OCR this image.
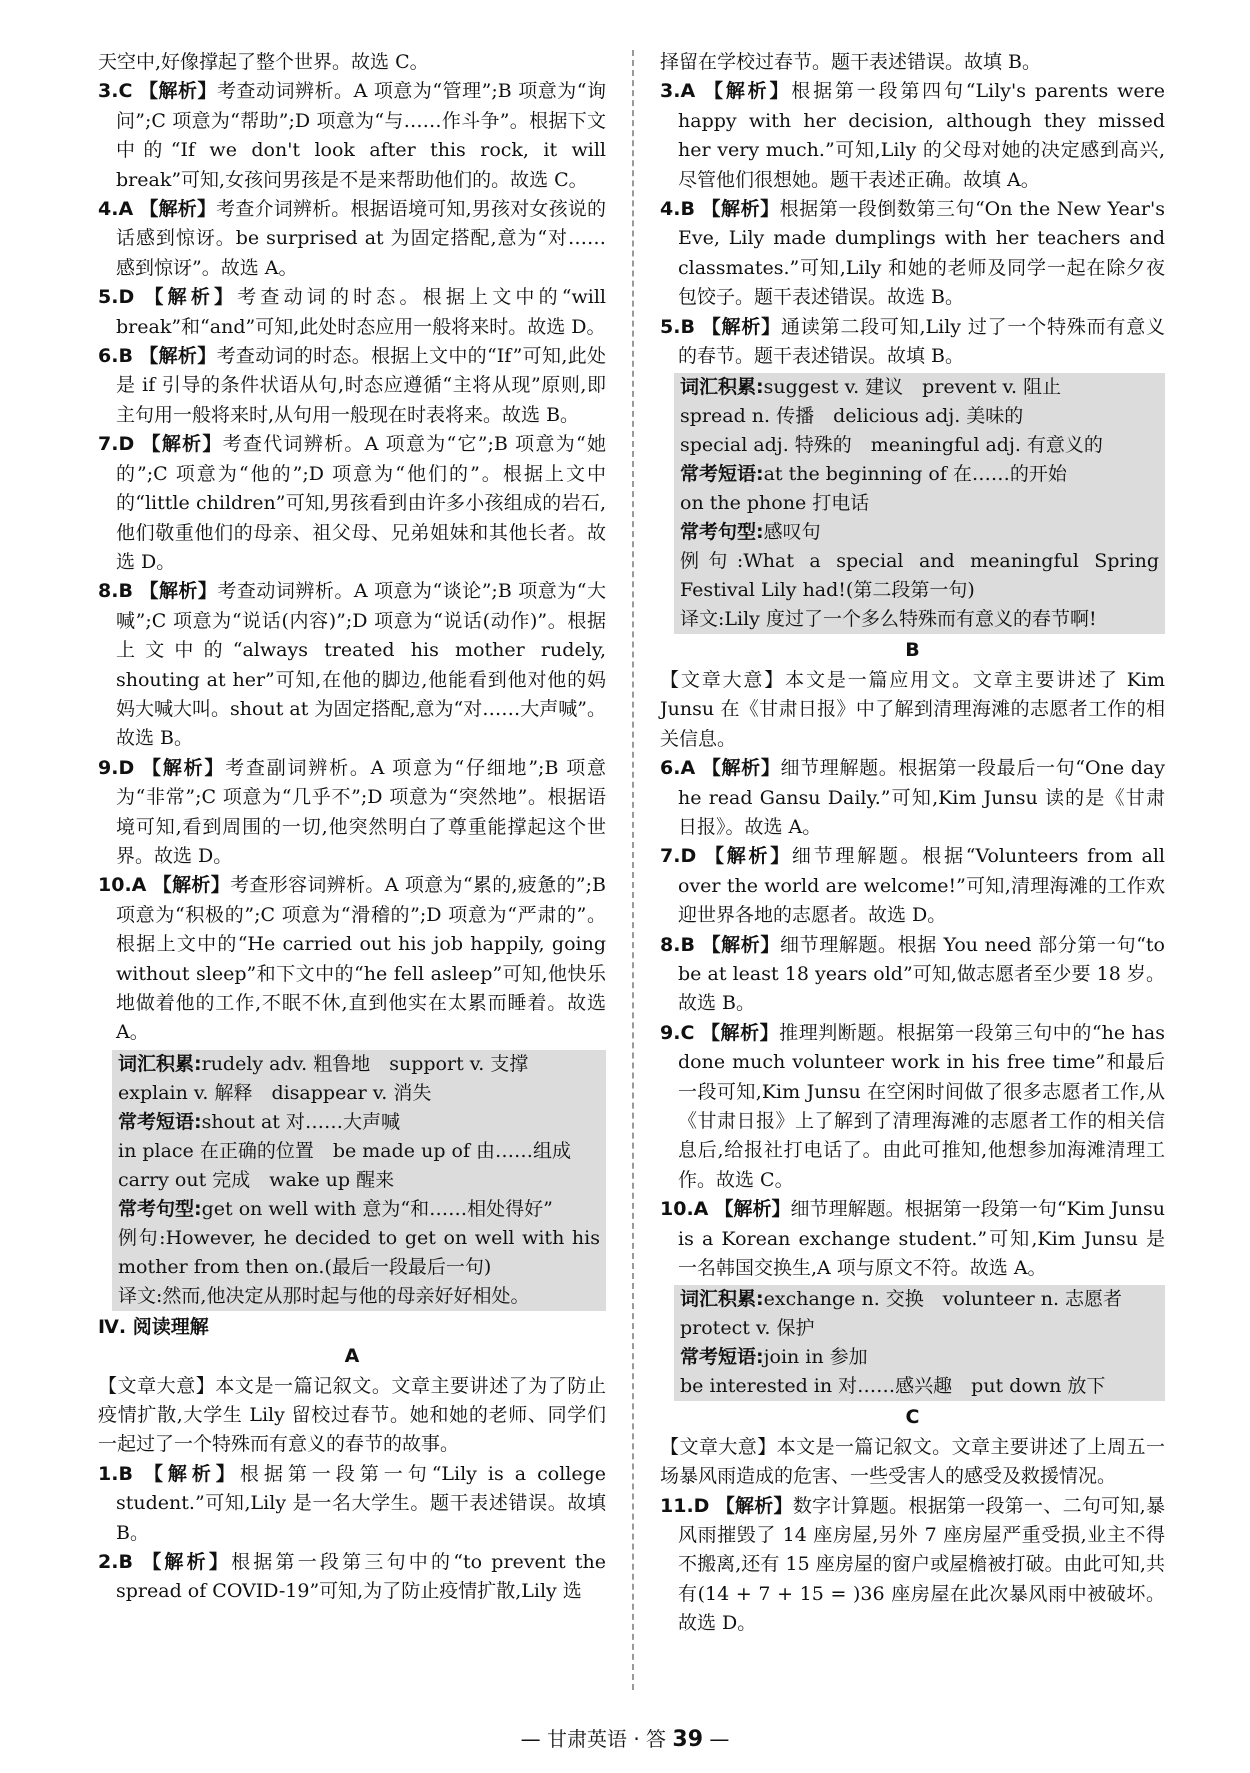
天空中,好像撑起了整个世界。故选 C。

3.C 【解析】考查动词辨析。A 项意为“管理”;B 项意为“询问”;C 项意为“帮助”;D 项意为“与……作斗争”。根据下文中的“If we don't look after this rock, it will break”可知,女孩问男孩是不是来帮助他们的。故选 C。

4.A 【解析】考查介词辨析。根据语境可知,男孩对女孩说的话感到惊讶。be surprised at 为固定搭配,意为“对……感到惊讶”。故选 A。

5.D 【解析】考查动词的时态。根据上文中的“will break”和“and”可知,此处时态应用一般将来时。故选 D。

6.B 【解析】考查动词的时态。根据上文中的“If”可知,此处是 if 引导的条件状语从句,时态应遵循“主将从现”原则,即主句用一般将来时,从句用一般现在时表将来。故选 B。

7.D 【解析】考查代词辨析。A 项意为“它”;B 项意为“她的”;C 项意为“他的”;D 项意为“他们的”。根据上文中的“little children”可知,男孩看到由许多小孩组成的岩石,他们敬重他们的母亲、祖父母、兄弟姐妹和其他长者。故选 D。

8.B 【解析】考查动词辨析。A 项意为“谈论”;B 项意为“大喊”;C 项意为“说话(内容)”;D 项意为“说话(动作)”。根据上文中的“always treated his mother rudely, shouting at her”可知,在他的脚边,他能看到他对他的妈妈大喊大叫。shout at 为固定搭配,意为“对……大声喊”。故选 B。

9.D 【解析】考查副词辨析。A 项意为“仔细地”;B 项意为“非常”;C 项意为“几乎不”;D 项意为“突然地”。根据语境可知,看到周围的一切,他突然明白了尊重能撑起这个世界。故选 D。

10.A 【解析】考查形容词辨析。A 项意为“累的,疲惫的”;B 项意为“积极的”;C 项意为“滑稽的”;D 项意为“严肃的”。根据上文中的“He carried out his job happily, going without sleep”和下文中的“he fell asleep”可知,他快乐地做着他的工作,不眠不休,直到他实在太累而睡着。故选 A。

词汇积累:rudely adv. 粗鲁地　support v. 支撑

explain v. 解释　disappear v. 消失

常考短语:shout at 对……大声喊

in place 在正确的位置　be made up of 由……组成

carry out 完成　wake up 醒来

常考句型:get on well with 意为“和……相处得好”

例句:However, he decided to get on well with his mother from then on.(最后一段最后一句)

译文:然而,他决定从那时起与他的母亲好好相处。

Ⅳ. 阅读理解

A

【文章大意】本文是一篇记叙文。文章主要讲述了为了防止疫情扩散,大学生 Lily 留校过春节。她和她的老师、同学们一起过了一个特殊而有意义的春节的故事。

1.B 【解析】根据第一段第一句“Lily is a college student.”可知,Lily 是一名大学生。题干表述错误。故填 B。

2.B 【解析】根据第一段第三句中的“to prevent the spread of COVID-19”可知,为了防止疫情扩散,Lily 选

择留在学校过春节。题干表述错误。故填 B。

3.A 【解析】根据第一段第四句“Lily's parents were happy with her decision, although they missed her very much.”可知,Lily 的父母对她的决定感到高兴,尽管他们很想她。题干表述正确。故填 A。

4.B 【解析】根据第一段倒数第三句“On the New Year's Eve, Lily made dumplings with her teachers and classmates.”可知,Lily 和她的老师及同学一起在除夕夜包饺子。题干表述错误。故选 B。

5.B 【解析】通读第二段可知,Lily 过了一个特殊而有意义的春节。题干表述错误。故填 B。

词汇积累:suggest v. 建议　prevent v. 阻止

spread n. 传播　delicious adj. 美味的

special adj. 特殊的　meaningful adj. 有意义的

常考短语:at the beginning of 在……的开始

on the phone 打电话

常考句型:感叹句

例句:What a special and meaningful Spring Festival Lily had!(第二段第一句)

译文:Lily 度过了一个多么特殊而有意义的春节啊!

B

【文章大意】本文是一篇应用文。文章主要讲述了 Kim Junsu 在《甘肃日报》中了解到清理海滩的志愿者工作的相关信息。

6.A 【解析】细节理解题。根据第一段最后一句“One day he read Gansu Daily.”可知,Kim Junsu 读的是《甘肃日报》。故选 A。

7.D 【解析】细节理解题。根据“Volunteers from all over the world are welcome!”可知,清理海滩的工作欢迎世界各地的志愿者。故选 D。

8.B 【解析】细节理解题。根据 You need 部分第一句“to be at least 18 years old”可知,做志愿者至少要 18 岁。故选 B。

9.C 【解析】推理判断题。根据第一段第三句中的“he has done much volunteer work in his free time”和最后一段可知,Kim Junsu 在空闲时间做了很多志愿者工作,从《甘肃日报》上了解到了清理海滩的志愿者工作的相关信息后,给报社打电话了。由此可推知,他想参加海滩清理工作。故选 C。

10.A 【解析】细节理解题。根据第一段第一句“Kim Junsu is a Korean exchange student.”可知,Kim Junsu 是一名韩国交换生,A 项与原文不符。故选 A。

词汇积累:exchange n. 交换　volunteer n. 志愿者

protect v. 保护

常考短语:join in 参加

be interested in 对……感兴趣　put down 放下

C

【文章大意】本文是一篇记叙文。文章主要讲述了上周五一场暴风雨造成的危害、一些受害人的感受及救援情况。

11.D 【解析】数字计算题。根据第一段第一、二句可知,暴风雨摧毁了 14 座房屋,另外 7 座房屋严重受损,业主不得不搬离,还有 15 座房屋的窗户或屋檐被打破。由此可知,共有(14 + 7 + 15 = )36 座房屋在此次暴风雨中被破坏。故选 D。

— 甘肃英语 · 答 39 —
